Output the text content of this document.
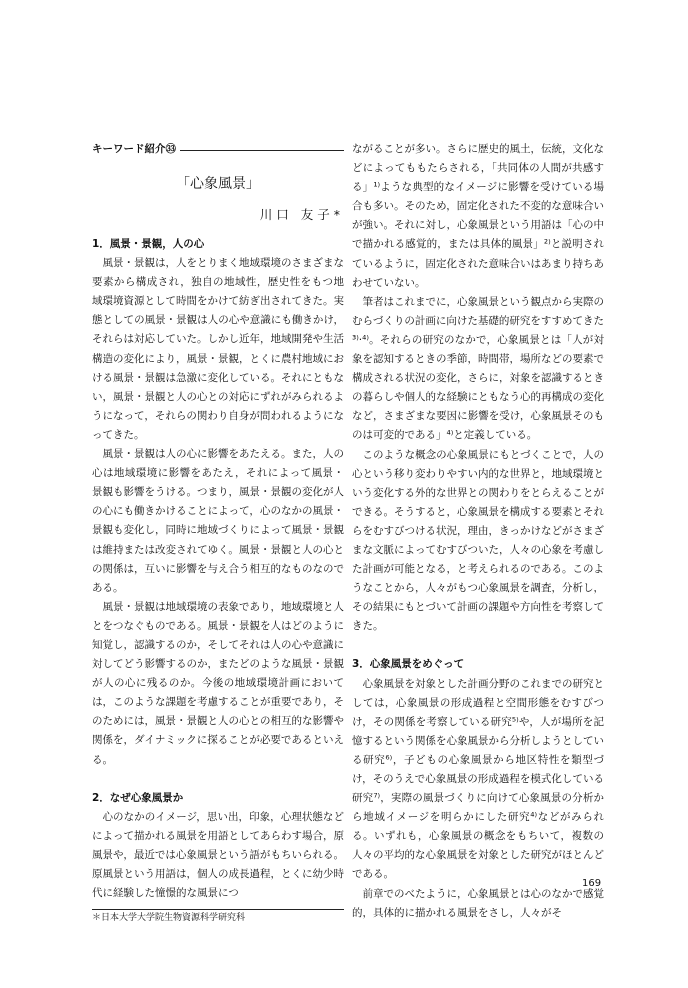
キーワード紹介㉝
「心象風景」
川口 友子*
1．風景・景観，人の心

風景・景観は，人をとりまく地域環境のさまざまな要素から構成され，独自の地域性，歴史性をもつ地域環境資源として時間をかけて紡ぎ出されてきた。実態としての風景・景観は人の心や意識にも働きかけ，それらは対応していた。しかし近年，地域開発や生活構造の変化により，風景・景観，とくに農村地域における風景・景観は急激に変化している。それにともない，風景・景観と人の心との対応にずれがみられるようになって，それらの関わり自身が問われるようになってきた。

風景・景観は人の心に影響をあたえる。また，人の心は地域環境に影響をあたえ，それによって風景・景観も影響をうける。つまり，風景・景観の変化が人の心にも働きかけることによって，心のなかの風景・景観も変化し，同時に地域づくりによって風景・景観は維持または改変されてゆく。風景・景観と人の心との関係は，互いに影響を与え合う相互的なものなのである。

風景・景観は地域環境の表象であり，地域環境と人とをつなぐものである。風景・景観を人はどのように知覚し，認識するのか，そしてそれは人の心や意識に対してどう影響するのか，またどのような風景・景観が人の心に残るのか。今後の地域環境計画においては，このような課題を考慮することが重要であり，そのためには，風景・景観と人の心との相互的な影響や関係を，ダイナミックに探ることが必要であるといえる。

2．なぜ心象風景か

心のなかのイメージ，思い出，印象，心理状態などによって描かれる風景を用語としてあらわす場合，原風景や，最近では心象風景という語がもちいられる。原風景という用語は，個人の成長過程，とくに幼少時代に経験した憧憬的な風景につ

＊日本大学大学院生物資源科学研究科

ながることが多い。さらに歴史的風土，伝統，文化などによってももたらされる，「共同体の人間が共感する」¹⁾ような典型的なイメージに影響を受けている場合も多い。そのため，固定化された不変的な意味合いが強い。それに対し，心象風景という用語は「心の中で描かれる感覚的，または具体的風景」²⁾と説明されているように，固定化された意味合いはあまり持ちあわせていない。

筆者はこれまでに，心象風景という観点から実際のむらづくりの計画に向けた基礎的研究をすすめてきた³⁾·⁴⁾。それらの研究のなかで，心象風景とは「人が対象を認知するときの季節，時間帯，場所などの要素で構成される状況の変化，さらに，対象を認識するときの暮らしや個人的な経験にともなう心的再構成の変化など，さまざまな要因に影響を受け，心象風景そのものは可変的である」⁴⁾と定義している。

このような概念の心象風景にもとづくことで，人の心という移り変わりやすい内的な世界と，地域環境という変化する外的な世界との関わりをとらえることができる。そうすると，心象風景を構成する要素とそれらをむすびつける状況，理由，きっかけなどがさまざまな文脈によってむすびついた，人々の心象を考慮した計画が可能となる，と考えられるのである。このようなことから，人々がもつ心象風景を調査，分析し，その結果にもとづいて計画の課題や方向性を考察してきた。

3．心象風景をめぐって

心象風景を対象とした計画分野のこれまでの研究としては，心象風景の形成過程と空間形態をむすびつけ，その関係を考察している研究⁵⁾や，人が場所を記憶するという関係を心象風景から分析しようとしている研究⁶⁾，子どもの心象風景から地区特性を類型づけ，そのうえで心象風景の形成過程を模式化している研究⁷⁾，実際の風景づくりに向けて心象風景の分析から地域イメージを明らかにした研究⁴⁾などがみられる。いずれも，心象風景の概念をもちいて，複数の人々の平均的な心象風景を対象とした研究がほとんどである。

前章でのべたように，心象風景とは心のなかで感覚的，具体的に描かれる風景をさし，人々がそ

169
